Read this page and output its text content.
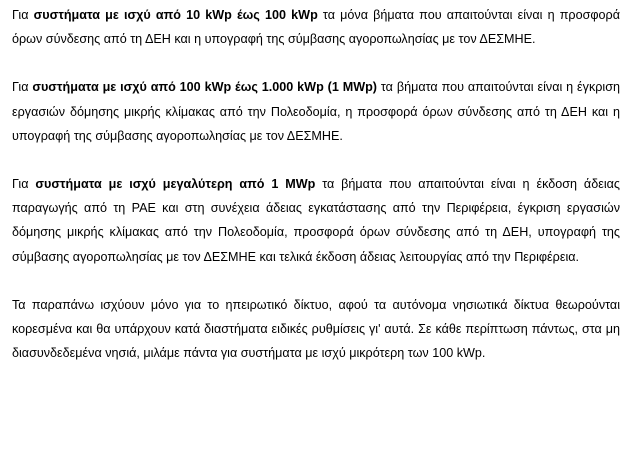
Για συστήματα με ισχύ από 10 kWp έως 100 kWp τα μόνα βήματα που απαιτούνται είναι η προσφορά όρων σύνδεσης από τη ΔΕΗ και η υπογραφή της σύμβασης αγοροπωλησίας με τον ΔΕΣΜΗΕ.

Για συστήματα με ισχύ από 100 kWp έως 1.000 kWp (1 MWp) τα βήματα που απαιτούνται είναι η έγκριση εργασιών δόμησης μικρής κλίμακας από την Πολεοδομία, η προσφορά όρων σύνδεσης από τη ΔΕΗ και η υπογραφή της σύμβασης αγοροπωλησίας με τον ΔΕΣΜΗΕ.

Για συστήματα με ισχύ μεγαλύτερη από 1 MWp τα βήματα που απαιτούνται είναι η έκδοση άδειας παραγωγής από τη ΡΑΕ και στη συνέχεια άδειας εγκατάστασης από την Περιφέρεια, έγκριση εργασιών δόμησης μικρής κλίμακας από την Πολεοδομία, προσφορά όρων σύνδεσης από τη ΔΕΗ, υπογραφή της σύμβασης αγοροπωλησίας με τον ΔΕΣΜΗΕ και τελικά έκδοση άδειας λειτουργίας από την Περιφέρεια.

Τα παραπάνω ισχύουν μόνο για το ηπειρωτικό δίκτυο, αφού τα αυτόνομα νησιωτικά δίκτυα θεωρούνται κορεσμένα και θα υπάρχουν κατά διαστήματα ειδικές ρυθμίσεις γι' αυτά. Σε κάθε περίπτωση πάντως, στα μη διασυνδεδεμένα νησιά, μιλάμε πάντα για συστήματα με ισχύ μικρότερη των 100 kWp.
